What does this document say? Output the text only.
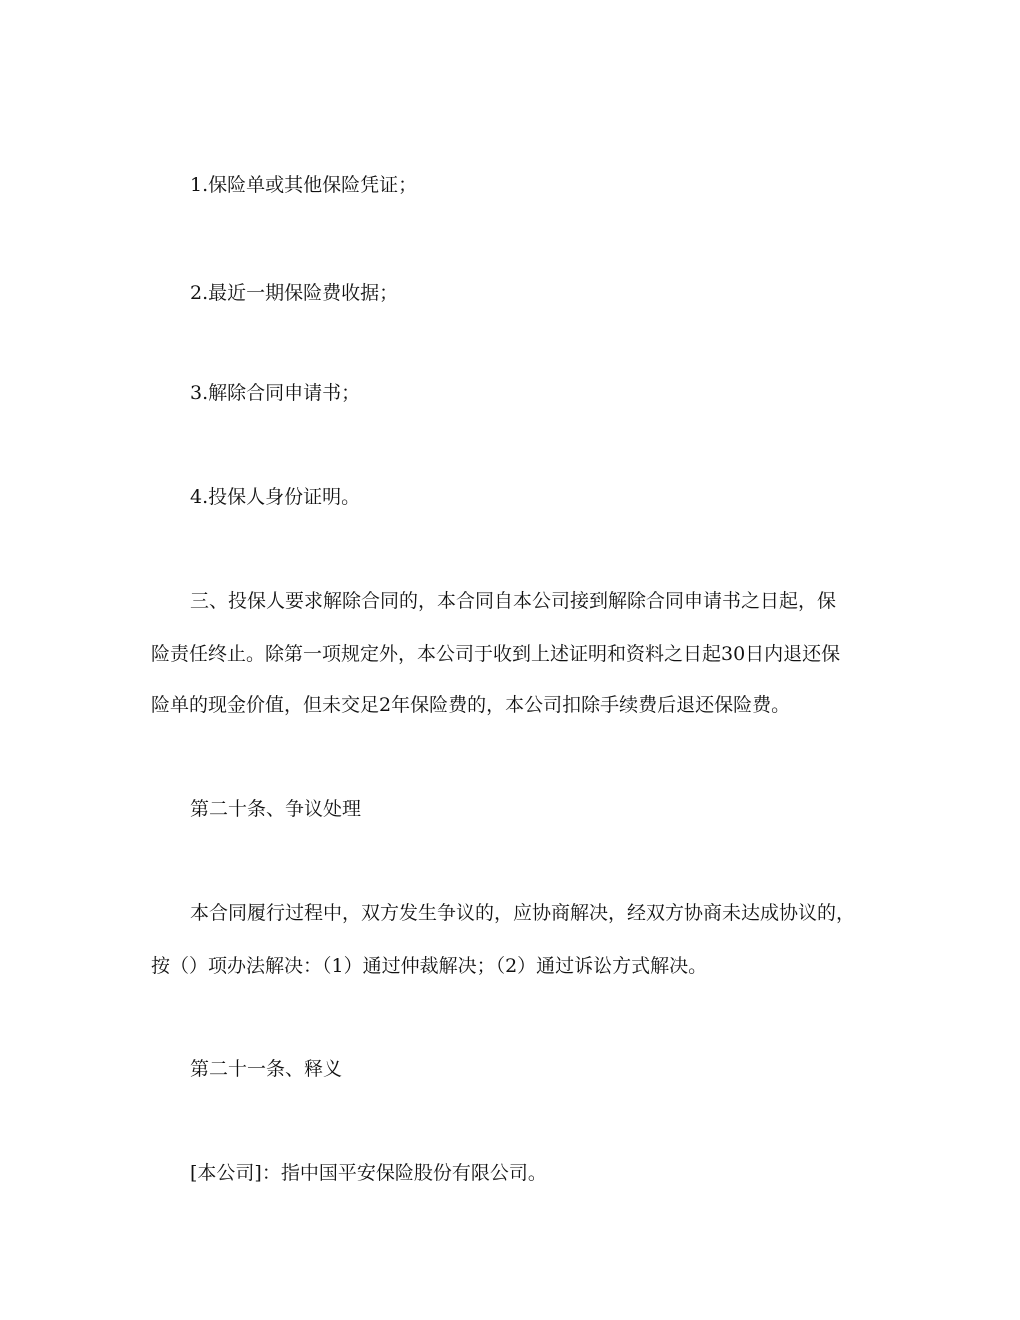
1.保险单或其他保险凭证；
2.最近一期保险费收据；
3.解除合同申请书；
4.投保人身份证明。
三、投保人要求解除合同的，本合同自本公司接到解除合同申请书之日起，保
险责任终止。除第一项规定外，本公司于收到上述证明和资料之日起30日内退还保
险单的现金价值，但未交足2年保险费的，本公司扣除手续费后退还保险费。
第二十条、争议处理
本合同履行过程中，双方发生争议的，应协商解决，经双方协商未达成协议的，
按（）项办法解决：（1）通过仲裁解决；（2）通过诉讼方式解决。
第二十一条、释义
[本公司]：指中国平安保险股份有限公司。
